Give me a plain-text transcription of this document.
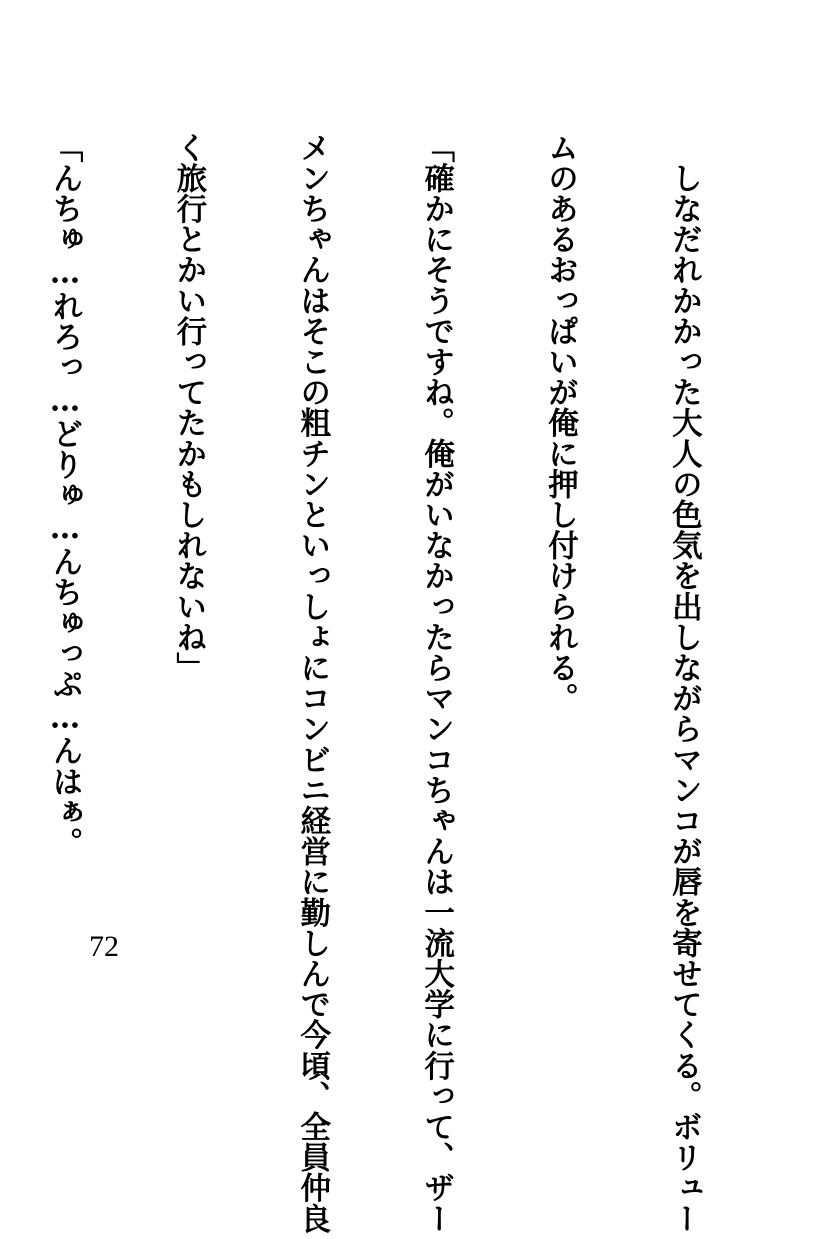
　しなだれかかった大人の色気を出しながらマンコが唇を寄せてくる。ボリュー

ムのあるおっぱいが俺に押し付けられる。

「確かにそうですね。俺がいなかったらマンコちゃんは一流大学に行って、ザー

メンちゃんはそこの粗チンといっしょにコンビニ経営に勤しんで今頃、全員仲良

く旅行とかい行ってたかもしれないね」

「んちゅ…れろっ…どりゅ…んちゅっぷ…んはぁ。

72
